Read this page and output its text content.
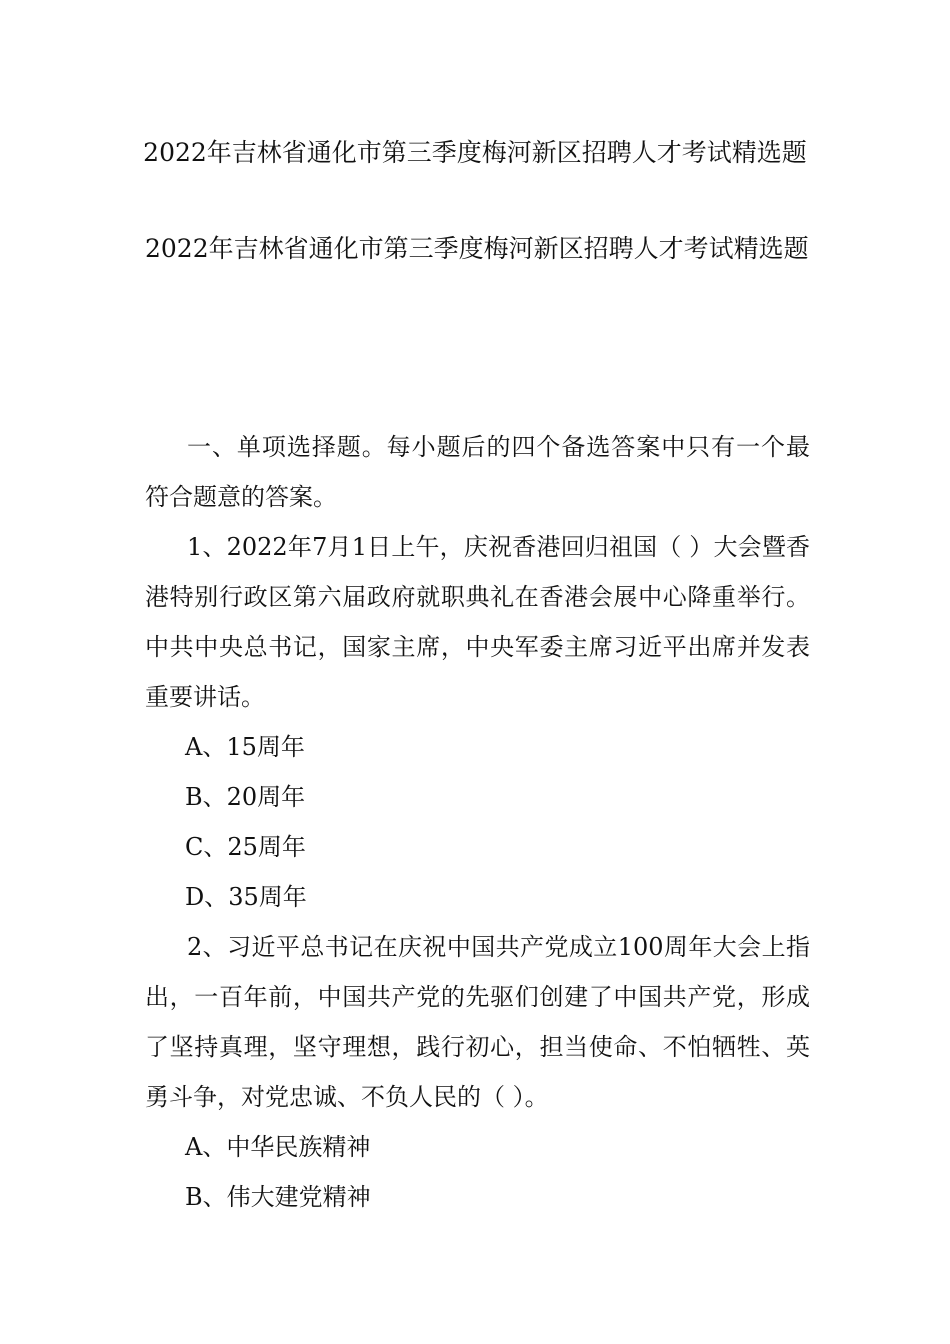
2022年吉林省通化市第三季度梅河新区招聘人才考试精选题
2022年吉林省通化市第三季度梅河新区招聘人才考试精选题

一、单项选择题。每小题后的四个备选答案中只有一个最符合题意的答案。

1、2022年7月1日上午，庆祝香港回归祖国（ ）大会暨香港特别行政区第六届政府就职典礼在香港会展中心降重举行。中共中央总书记，国家主席，中央军委主席习近平出席并发表重要讲话。

A、15周年

B、20周年

C、25周年

D、35周年

2、习近平总书记在庆祝中国共产党成立100周年大会上指出，一百年前，中国共产党的先驱们创建了中国共产党，形成了坚持真理，坚守理想，践行初心，担当使命、不怕牺牲、英勇斗争，对党忠诚、不负人民的（ ）。

A、中华民族精神

B、伟大建党精神
